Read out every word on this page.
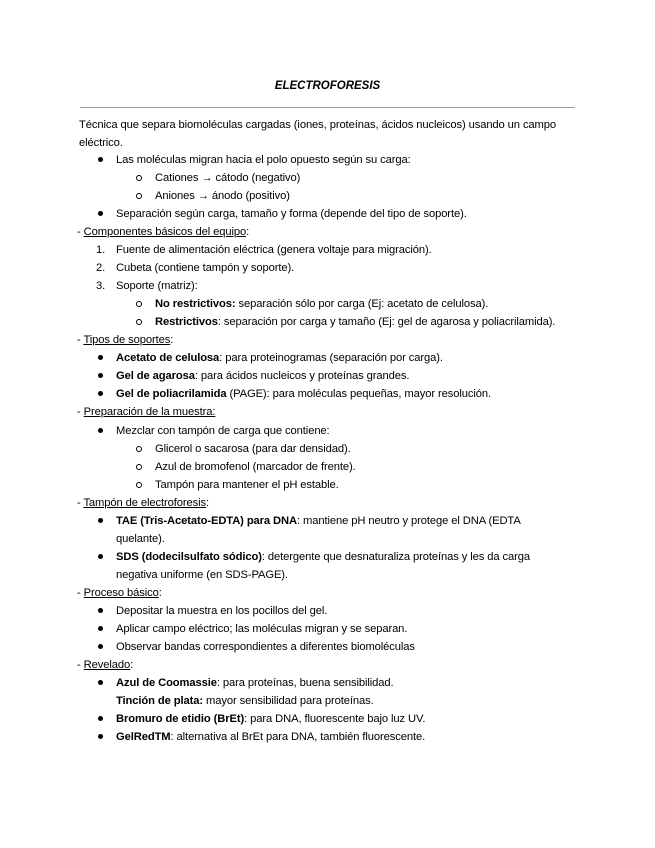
ELECTROFORESIS
Técnica que separa biomoléculas cargadas (iones, proteínas, ácidos nucleicos) usando un campo
eléctrico.
Las moléculas migran hacia el polo opuesto según su carga:
Cationes → cátodo (negativo)
Aniones → ánodo (positivo)
Separación según carga, tamaño y forma (depende del tipo de soporte).
- Componentes básicos del equipo:
1. Fuente de alimentación eléctrica (genera voltaje para migración).
2. Cubeta (contiene tampón y soporte).
3. Soporte (matriz):
No restrictivos: separación sólo por carga (Ej: acetato de celulosa).
Restrictivos: separación por carga y tamaño (Ej: gel de agarosa y poliacrilamida).
- Tipos de soportes:
Acetato de celulosa: para proteinogramas (separación por carga).
Gel de agarosa: para ácidos nucleicos y proteínas grandes.
Gel de poliacrilamida (PAGE): para moléculas pequeñas, mayor resolución.
- Preparación de la muestra:
Mezclar con tampón de carga que contiene:
Glicerol o sacarosa (para dar densidad).
Azul de bromofenol (marcador de frente).
Tampón para mantener el pH estable.
- Tampón de electroforesis:
TAE (Tris-Acetato-EDTA) para DNA: mantiene pH neutro y protege el DNA (EDTA
quelante).
SDS (dodecilsulfato sódico): detergente que desnaturaliza proteínas y les da carga
negativa uniforme (en SDS-PAGE).
- Proceso básico:
Depositar la muestra en los pocillos del gel.
Aplicar campo eléctrico; las moléculas migran y se separan.
Observar bandas correspondientes a diferentes biomoléculas
- Revelado:
Azul de Coomassie: para proteínas, buena sensibilidad.
Tinción de plata: mayor sensibilidad para proteínas.
Bromuro de etidio (BrEt): para DNA, fluorescente bajo luz UV.
GelRedTM: alternativa al BrEt para DNA, también fluorescente.
